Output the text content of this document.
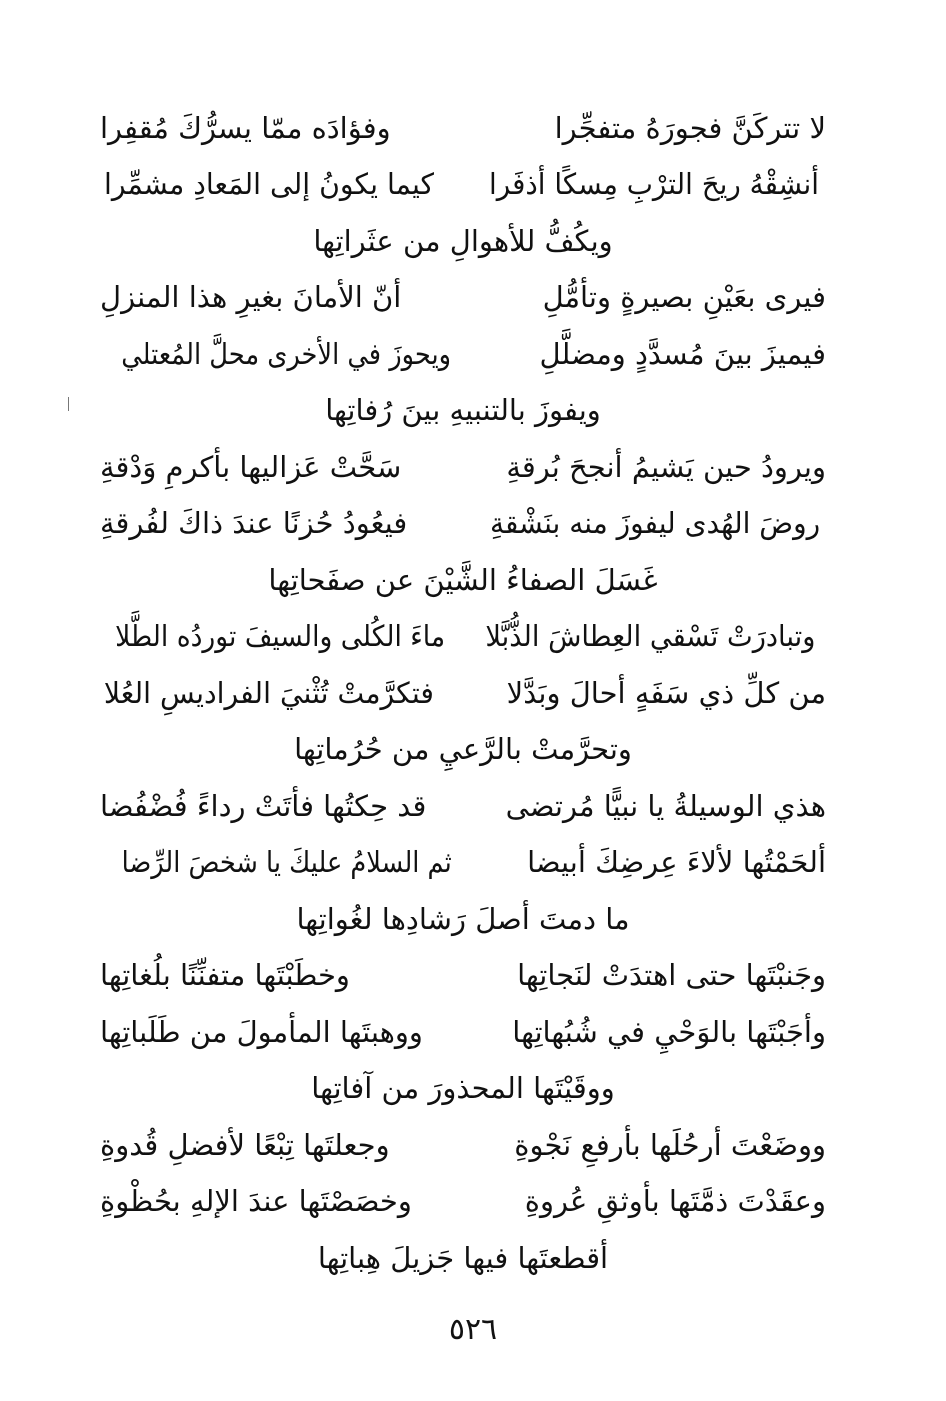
لا تتركَنَّ فجورَهُ متفجِّرا
وفؤادَه ممّا يسرُّكَ مُقفِرا
أنشِقْهُ ريحَ الترْبِ مِسكًا أذفَرا
كيما يكونُ إلى المَعادِ مشمِّرا
ويكُفُّ للأهوالِ من عثَراتِها
فيرى بعَيْنِ بصيرةٍ وتأمُّلِ
أنّ الأمانَ بغيرِ هذا المنزلِ
فيميزَ بينَ مُسدَّدٍ ومضلَّلِ
ويحوزَ في الأخرى محلَّ المُعتلي
ويفوزَ بالتنبيهِ بينَ رُفاتِها
ويرودُ حين يَشيمُ أنجحَ بُرقةِ
سَحَّتْ عَزاليها بأكرمِ وَدْقةِ
روضَ الهُدى ليفوزَ منه بنَشْقةِ
فيعُودُ حُزنًا عندَ ذاكَ لفُرقةِ
غَسَلَ الصفاءُ الشَّيْنَ عن صفَحاتِها
وتبادرَتْ تَسْقي العِطاشَ الذُّبَّلا
ماءَ الكُلى والسيفَ توردُه الطَّلا
من كلِّ ذي سَفَهٍ أحالَ وبَدَّلا
فتكرَّمتْ تُثْنيَ الفراديسِ العُلا
وتحرَّمتْ بالرَّعيِ من حُرُماتِها
هذي الوسيلةُ يا نبيًّا مُرتضى
قد حِكتُها فأتَتْ رداءً فُضْفُضا
ألحَمْتُها لألاءَ عِرضِكَ أبيضا
ثم السلامُ عليكَ يا شخصَ الرِّضا
ما دمتَ أصلَ رَشادِها لغُواتِها
وجَنبْتَها حتى اهتدَتْ لنَجاتِها
وخطَبْتَها متفنِّنًا بلُغاتِها
وأجَبْتَها بالوَحْيِ في شُبُهاتِها
ووهبتَها المأمولَ من طَلَباتِها
ووقَيْتَها المحذورَ من آفاتِها
ووضَعْتَ أرحُلَها بأرفعِ نَجْوةِ
وجعلتَها تِبْعًا لأفضلِ قُدوةِ
وعقَدْتَ ذمَّتَها بأوثقِ عُروةِ
وخصَصْتَها عندَ الإلهِ بحُظْوةِ
أقطعتَها فيها جَزيلَ هِباتِها
٥٢٦
